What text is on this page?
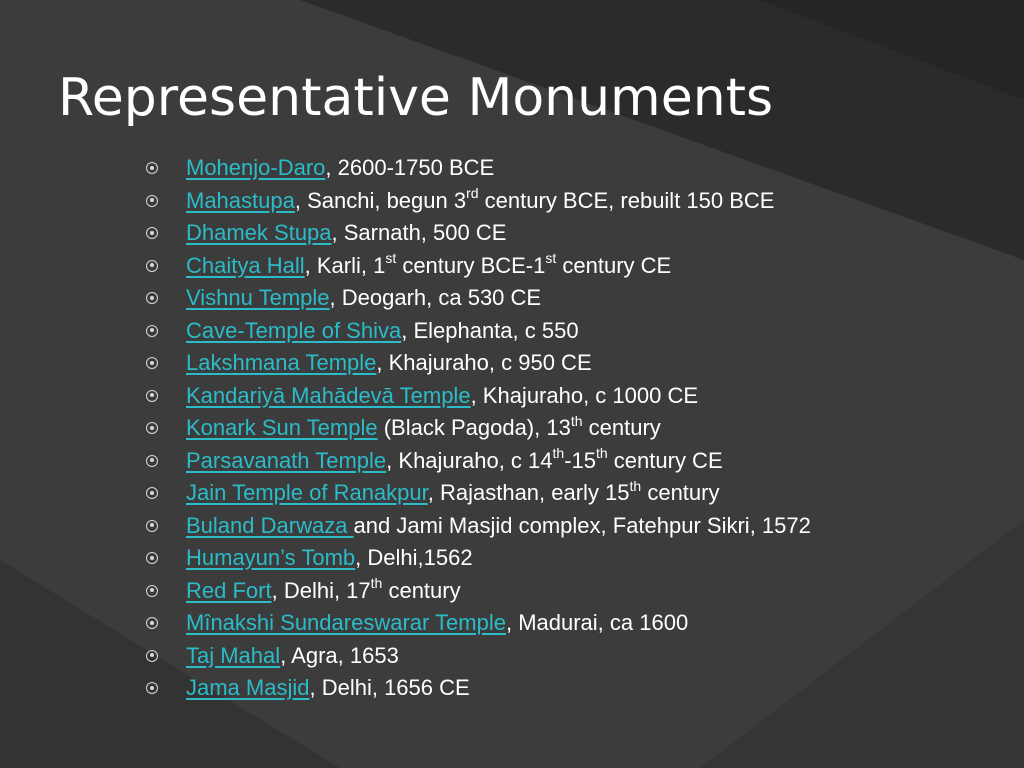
Representative Monuments
Mohenjo-Daro, 2600-1750 BCE
Mahastupa, Sanchi, begun 3rd century BCE, rebuilt 150 BCE
Dhamek Stupa, Sarnath, 500 CE
Chaitya Hall, Karli, 1st century BCE-1st century CE
Vishnu Temple, Deogarh, ca 530 CE
Cave-Temple of Shiva, Elephanta, c 550
Lakshmana Temple, Khajuraho, c 950 CE
Kandariyā Mahādevā Temple, Khajuraho, c 1000 CE
Konark Sun Temple (Black Pagoda), 13th century
Parsavanath Temple, Khajuraho, c 14th-15th century CE
Jain Temple of Ranakpur, Rajasthan, early 15th century
Buland Darwaza and Jami Masjid complex, Fatehpur Sikri, 1572
Humayun’s Tomb, Delhi,1562
Red Fort, Delhi, 17th century
Mînakshi Sundareswarar Temple, Madurai, ca 1600
Taj Mahal, Agra, 1653
Jama Masjid, Delhi, 1656 CE
